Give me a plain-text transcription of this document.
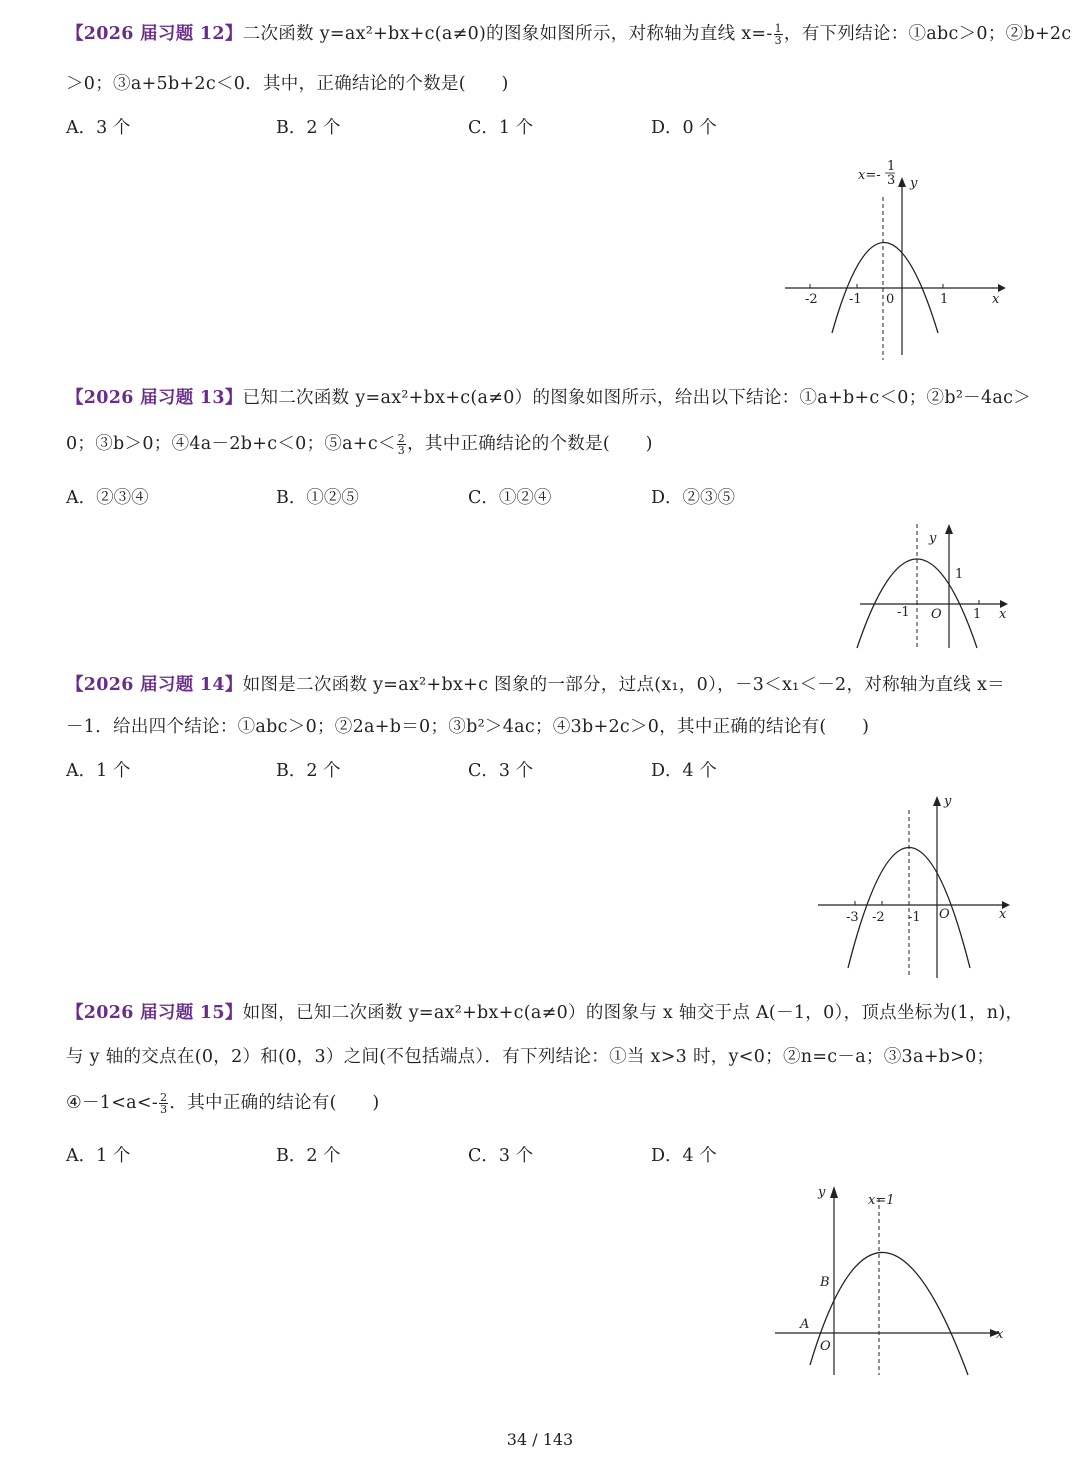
【2026 届习题 12】二次函数 y=ax²+bx+c(a≠0)的图象如图所示，对称轴为直线 $x=- \frac{1}{3}$ ，有下列结论：①abc＞0；②b+2c
＞0；③a+5b+2c＜0．其中，正确结论的个数是(　　)
A．3 个	B．2 个	C．1 个	D．0 个
-2 -1 0	1	x
y
x=-
1
3
【2026 届习题 13】已知二次函数 y=ax²+bx+c(a≠0）的图象如图所示，给出以下结论：①a+b+c＜0；②b²－4ac＞
0；③b＞0；④4a－2b+c＜0；⑤a+c＜ $\frac{2}{3}$ ，其中正确结论的个数是(　　)
A．②③④	B．①②⑤	C．①②④	D．②③⑤
-1 O 1
1
x
y
【2026 届习题 14】如图是二次函数 y=ax²+bx+c 图象的一部分，过点(x₁，0），－3＜x₁＜－2，对称轴为直线 x＝
－1．给出四个结论：①abc＞0；②2a+b＝0；③b²＞4ac；④3b+2c＞0，其中正确的结论有(　　)
A．1 个	B．2 个	C．3 个	D．4 个
-3 -2 -1 O	x
y
【2026 届习题 15】如图，已知二次函数 y=ax²+bx+c(a≠0）的图象与 x 轴交于点 A(－1，0），顶点坐标为(1，n)，
与 y 轴的交点在(0，2）和(0，3）之间(不包括端点）．有下列结论：①当 x>3 时，y<0；②n=c－a；③3a+b>0；
④－1<a<- $\frac{2}{3}$ ．其中正确的结论有(　　)
A．1 个	B．2 个	C．3 个	D．4 个
y
x=1
B
A
O
x
34 / 143
